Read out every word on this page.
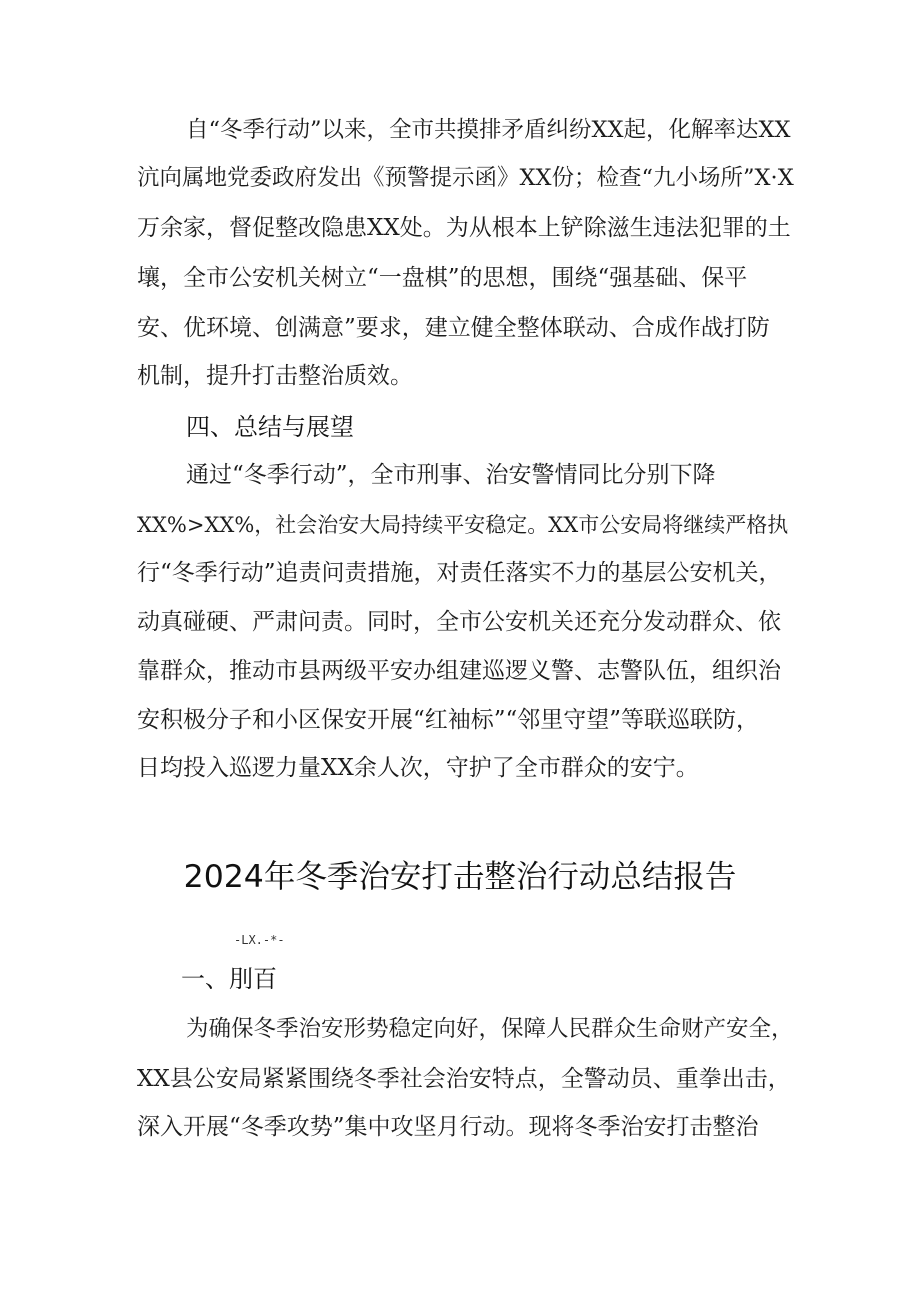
自“冬季行动”以来，全市共摸排矛盾纠纷XX起，化解率达XX
沆向属地党委政府发出《预警提示函》XX份；检查“九小场所”X·X
万余家，督促整改隐患XX处。为从根本上铲除滋生违法犯罪的土
壤，全市公安机关树立“一盘棋”的思想，围绕“强基础、保平
安、优环境、创满意”要求，建立健全整体联动、合成作战打防
机制，提升打击整治质效。
四、总结与展望
通过“冬季行动”，全市刑事、治安警情同比分别下降
XX%>XX%，社会治安大局持续平安稳定。XX市公安局将继续严格执
行“冬季行动”追责问责措施，对责任落实不力的基层公安机关，
动真碰硬、严肃问责。同时，全市公安机关还充分发动群众、依
靠群众，推动市县两级平安办组建巡逻义警、志警队伍，组织治
安积极分子和小区保安开展“红袖标”“邻里守望”等联巡联防，
日均投入巡逻力量XX余人次，守护了全市群众的安宁。
2024年冬季治安打击整治行动总结报告
-LX.-*-
一、刖百
为确保冬季治安形势稳定向好，保障人民群众生命财产安全，
XX县公安局紧紧围绕冬季社会治安特点，全警动员、重拳出击，
深入开展“冬季攻势”集中攻坚月行动。现将冬季治安打击整治
